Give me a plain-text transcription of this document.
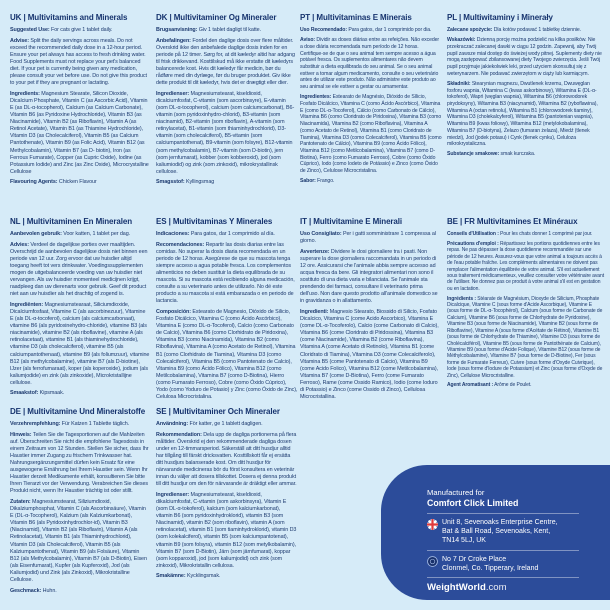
UK | Multivitamins and Minerals

Suggested Use: For cats give 1 tablet daily.

Advise: Split the daily servings across meals. Do not exceed the recommended daily dose in a 12-hour period. Ensure your pet always has access to fresh drinking water. Food Supplements must not replace your pet's balanced diet. If your pet is currently being given any medication, please consult your vet before use. Do not give this product to your pet if they are pregnant or lactating.

Ingredients: Magnesium Stearate, Silicon Dioxide, Dicalcium Phosphate, Vitamin C (as Ascorbic Acid), Vitamin E (as DL-α-tocopherol), Calcium (as Calcium Carbonate), Vitamin B6 (as Pyridoxine Hydrochloride), Vitamin B3 (as Niacinamide), Vitamin B2 (as Riboflavin), Vitamin A (as Retinol Acetate), Vitamin B1 (as Thiamine Hydrochloride), Vitamin D3 (as Cholecalciferol), Vitamin B5 (as Calcium Pantothenate), Vitamin B9 (as Folic Acid), Vitamin B12 (as Methylcobalamin), Vitamin B7 (as D- biotin), Iron (as Ferrous Fumarate), Copper (as Cupric Oxide), Iodine (as Potassium Iodide) and Zinc (as Zinc Oxide), Microcrystalline Cellulose

Flavouring Agents: Chicken Flavour

DK | Multivitaminer Og Mineraler

Brugsanvisning: Giv 1 tablet dagligt til katte.

Anbefalingen: Fordel den daglige dosis over flere måltider. Overskrid ikke den anbefalede daglige dosis inden for en periode på 12 timer. Sørg for, at dit kæledyr altid har adgang til frisk drikkevand. Kosttilskud må ikke erstatte dit kæledyrs balancerede kost. Hvis dit kæledyr får medicin, bør du rådføre med din dyrlæge, før du bruger produktet. Giv ikke dette produkt til dit kæledyr, hvis det er drægtigt eller dier.

Ingredienser: Magnesiumstearat, kiseldioxid, dicalciumfosfat, C-vitamin (som ascorbinsyre), E-vitamin (som DL-α-tocopherol), calcium (som calciumcarbonat), B6-vitamin (som pyridoxinhydro-chlorid), B3-vitamin (som niacinamid), B2-vitamin (som riboflavin), A-vitamin (som retinylacetat), B1-vitamin (som thiaminhydrochlorid), D3-vitamin (som cholecalciferol), B5-vitamin (som calciumpantothenat), B9-vitamin (som folsyre), B12-vitamin (som methylcobalamin), B7-vitamin (som D-biotin), jern (som jernfumarat), kobber (som kobberoxid), jod (som kaliumiodid) og zink (som zinkoxid), mikrokrystallinsk cellulose.

Smagsstof: Kyllingsmag

PT | Multivitaminas E Minerais

Uso Recomendado: Para gatos, dar 1 comprimido por dia.

Aviso: Dividir as doses diárias entre as refeições. Não exceder a dose diária recomendada num período de 12 horas. Certifique-se de que o seu animal tem sempre acesso a água potável fresca. Os suplementos alimentares não devem substituir a dieta equilibrada do seu animal. Se o seu animal estiver a tomar algum medicamento, consulte o seu veterinário antes de utilizar este produto. Não administre este produto ao seu animal se ele estiver a gestar ou amamentar.

Ingredientes: Estearato de Magnésio, Dióxido de Sílicio, Fosfato Dicálcico, Vitamina C (como Ácido Ascórbico), Vitamina E (como DL-α-Tocoferol), Cálcio (como Carbonato de Cálcio), Vitamina B6 (como Cloridrato de Piridoxina), Vitamina B3 (como Niacinamida), Vitamina B2 (como Riboflavina), Vitamina A (como Acetato de Retinol), Vitamina B1 (como Cloridrato de Tiamina), Vitamina D3 (como Colecalciferol), Vitamina B5 (como Pantotenato de Cálcio), Vitamina B9 (como Ácido Fólico), Vitamina B12 (como Metilcobalamina), Vitamina B7 (como D-Biotina), Ferro (como Fumarato Ferroso), Cobre (como Óxido Cúprico), Iodo (como Iodeto de Potássio) e Zinco (como Óxido de Zinco), Celulose Microcristalina.

Sabor: Frango.

PL | Multiwitaminy i Minerały

Zalecane spożycie: Dla kotów podawać 1 tabletkę dziennie.

Wskazówki: Dzienną porcję można podzielić na kilka posiłków. Nie przekraczać zalecanej dawki w ciągu 12 godzin. Zapewnij, aby Twój pupil zawsze miał dostęp do świeżej wody pitnej. Suplementy diety nie mogą zastępować zbilansowanej diety Twojego zwierzęcia. Jeśli Twój pupil przyjmuje jakiekolwiek leki, przed użyciem skonsultuj się z weterynarzem. Nie podawać zwierzętom w ciąży lub karmiącym.

Składniki: Stearynian magnezu, Dwutlenek krzemu, Dwuwęglan fosforu wapnia, Witamina C (kwas askorbinowy), Witamina E (DL-α-tokoferol), Wapń (węglan wapnia), Witamina B6 (chlorowodorek pirydoksyny), Witamina B3 (niacynamid), Witamina B2 (ryboflawina), Witamina A (octan retinolu), Witamina B1 (chlorowodorek tiaminy), Witamina D3 (cholekalcyferol), Witamina B5 (pantotenian wapnia), Witamina B9 (kwas foliowy), Witamina B12 (metylokobalamina), Witamina B7 (D-biotyna), Żelazo (fumaran żelaza), Miedź (tlenek miedzi), Jod (jodek potasu) i Cynk (tlenek cynku), Celuloza mikrokrystaliczna.

Substancje smakowe: smak kurczaka.

NL | Multivitaminen En Mineralen

Aanbevolen gebruik: Voor katten, 1 tablet per dag.

Advies: Verdeel de dagelijkse porties over maaltijden. Overschrijd de aanbevolen dagelijkse dosis niet binnen een periode van 12 uur. Zorg ervoor dat uw huisdier altijd toegang heeft tot vers drinkwater. Voedingssupplementen mogen de uitgebalanceerde voeding van uw huisdier niet vervangen. Als uw huisdier momenteel medicijnen krijgt, raadpleeg dan uw dierenarts voor gebruik. Geef dit product niet aan uw huisdier als het drachtig of zogend is.

Ingrediënten: Magnesiumstearaat, Siliciumdioxide, Dicalciumfosfaat, Vitamine C (als ascorbinezuur), Vitamine E (als DL-α-tocoferol), calcium (als calciumcarbonaat), vitamine B6 (als pyridoxinehydro-chloride), vitamine B3 (als niacinamide), vitamine B2 (als riboflavine), vitamine A (als retinolacetaat), vitamine B1 (als thiaminehydrochloride), vitamine D3 (als cholecalciferol), vitamine B5 (als calciumpantothenaat), vitamine B9 (als foliumzuur), vitamine B12 (als methylcobalamine), vitamine B7 (als D-biotine), IJzer (als ferrofumaraat), koper (als koperoxide), jodium (als kaliumjodide) en zink (als zinkoxide), Microkristallijne cellulose.

Smaakstof: Kipsmaak.

ES | Multivitaminas Y Minerales

Indicaciones: Para gatos, dar 1 comprimido al día.

Recomendaciones: Repartir las dosis diarias entre las comidas. No superar la dosis diaria recomendada en un periodo de 12 horas. Asegúrese de que su mascota tenga siempre acceso a agua potable fresca. Los complementos alimenticios no deben sustituir la dieta equilibrada de su mascota. Si su mascota está recibiendo alguna medicación, consulte a su veterinario antes de utilizarlo. No dé este producto a su mascota si está embarazada o en periodo de lactancia.

Composición: Estearato de Magnesio, Dióxido de Silicio, Fosfato Dicálcico, Vitamina C (como Ácido Ascórbico), Vitamina E (como DL-α-Tocoferol), Calcio (como Carbonato de Calcio), Vitamina B6 (como Clorhidrato de Piridoxina), Vitamina B3 (como Niacinamida), Vitamina B2 (como Riboflavina), Vitamina A (como Acetato de Retinol), Vitamina B1 (como Clorhidrato de Tiamina), Vitamina D3 (como Colecalciferol), Vitamina B5 (como Pantotenato de Calcio), Vitamina B9 (como Ácido Fólico), Vitamina B12 (como Metilcobalamina), Vitamina B7 (como D-Biotina), Hierro (como Fumarato Ferroso), Cobre (como Óxido Cúprico), Yodo (como Yoduro de Potasio) y Zinc (como Óxido de Zinc), Celulosa Microcristalina.

IT | Multivitamine E Minerali

Uso Consigliato: Per i gatti somministrare 1 compressa al giorno.

Avvertenze: Dividere le dosi giornaliere tra i pasti. Non superare la dose giornaliera raccomandata in un periodo di 12 ore. Assicurarsi che l'animale abbia sempre accesso ad acqua fresca da bere. Gli integratori alimentari non sono il sostituto di una dieta varia e bilanciata. Se l'animale sta prendendo dei farmaci, consultare il veterinario prima dell'uso. Non dare questo prodotto all'animale domestico se in gravidanza o in allattamento.

Ingredienti: Magnesio Stearato, Biossido di Silicio, Fosfato Dicalcico, Vitamina C (come Acido Ascorbico), Vitamina E (come DL-α-Tocoferolo), Calcio (come Carbonato di Calcio), Vitamina B6 (come Cloridrato di Piridossina), Vitamina B3 (come Niacinamide), Vitamina B2 (come Riboflavina), Vitamina A (come Acetato di Retinolo), Vitamina B1 (come Cloridrato di Tiamina), Vitamina D3 (come Colecalciferolo), Vitamina B5 (come Pantotenato di Calcio), Vitamina B9 (come Acido Folico), Vitamina B12 (come Metilcobalamina), Vitamina B7 (come D-Biotina), Ferro (come Fumarato Ferroso), Rame (come Ossido Ramico), Iodio (come Ioduro di Potassio) e Zinco (come Ossido di Zinco), Cellulosa Microcristallina.

BE | FR Multivitamines Et Minéraux

Conseils d'Utilisation : Pour les chats donner 1 comprimé par jour.

Précautions d'emploi : Répartissez les portions quotidiennes entre les repas. Ne pas dépasser la dose quotidienne recommandée sur une période de 12 heures. Assurez-vous que votre animal a toujours accès à de l'eau potable fraîche. Les compléments alimentaires ne doivent pas remplacer l'alimentation équilibrée de votre animal. S'il est actuellement sous traitement médicamenteux, veuillez consulter votre vétérinaire avant de l'utiliser. Ne donnez pas ce produit à votre animal s'il est en gestation ou en lactation.

Ingrédients : Stéarate de Magnésium, Dioxyde de Silicium, Phosphate Dicalcique, Vitamine C (sous forme d'Acide Ascorbique), Vitamine E (sous forme de DL-α-Tocophérol), Calcium (sous forme de Carbonate de Calcium), Vitamine B6 (sous forme de Chlorhydrate de Pyridoxine), Vitamine B3 (sous forme de Niacinamide), Vitamine B2 (sous forme de Riboflavine), Vitamine A (sous forme d'Acétate de Rétinol), Vitamine B1 (sous forme de Chlorhydrate de Thiamine), Vitamine D3 (sous forme de Cholécalciférol), Vitamine B5 (sous forme de Pantothénate de Calcium), Vitamine B9 (sous forme d'Acide Folique), Vitamine B12 (sous forme de Méthylcobalamine), Vitamine B7 (sous forme de D-Biotine), Fer (sous forme de Fumarate Ferreux), Cuivre (sous forme d'Oxyde Cuivrique), Iode (sous forme d'Iodure de Potassium) et Zinc (sous forme d'Oxyde de Zinc), Cellulose Microcristalline.

Agent Aromatisant : Arôme de Poulet.

DE | Multivitamine Und Mineralstoffe

Verzehrempfehlung: Für Katzen 1 Tablette täglich.

Hinweis: Teilen Sie die Tagesportionen auf die Mahlzeiten auf. Überschreiten Sie nicht die empfohlene Tagesdosis in einem Zeitraum von 12 Stunden. Stellen Sie sicher, dass Ihr Haustier immer Zugang zu frischem Trinkwasser hat. Nahrungsergänzungsmittel dürfen kein Ersatz für eine ausgewogene Ernährung bei Ihrem Haustier sein. Wenn Ihr Haustier derzeit Medikamente erhält, konsultieren Sie bitte Ihren Tierarzt vor der Verwendung. Verabreichen Sie dieses Produkt nicht, wenn Ihr Haustier trächtig ist oder stillt.

Zutaten: Magnesiumstearat, Siliziumdioxid, Dikalziumphosphat, Vitamin C (als Ascorbinsäure), Vitamin E (DL-α-Tocopherol), Kalzium (als Kalziumkarbonat), Vitamin B6 (als Pyridoxinhydrochlor-id), Vitamin B3 (Niacinamid), Vitamin B2 (als Riboflavin), Vitamin A (als Retinolacetat), Vitamin B1 (als Thiaminhydrochlorid), Vitamin D3 (als Cholecalciferol), Vitamin B5 (als Kalziumpantothenat), Vitamin B9 (als Folsäure), Vitamin B12 (als Methylcobalamin), Vitamin B7 (als D-Biotin), Eisen (als Eisenfumarat), Kupfer (als Kupferoxid), Jod (als Kaliumjodid) und Zink (als Zinkoxid), Mikrokristalline Cellulose.

Geschmack: Huhn.

SE | Multivitaminer Och Mineraler

Användning: För katter, ge 1 tablett dagligen.

Rekommendation: Dela upp de dagliga portionerna på flera måltider. Överskrid ej den rekommenderade dagliga dosen under en 12-timmarsperiod. Säkerställ att ditt husdjur alltid har tillgång till färskt dricksvatten. Kosttillskott får ej ersätta ditt husdjurs balanserade kost. Om ditt husdjur för närvarande medicineras bör du först konsultera en veterinär innan du väljer att dosera tillskottet. Dosera ej denna produkt till ditt husdjur om den för närvarande är dräktigt eller ammar.

Ingredienser: Magnesiumstearat, kiseldioxid, dikalciumfosfat, C-vitamin (som askorbinsyra), Vitamin E (som DL-α-tokoferol), kalcium (som kalciumkarbonat), vitamin B6 (som pyridoxinhydroklorid), vitamin B3 (som Niacinamid), vitamin B2 (som riboflavin), vitamin A (som retinolacetat), vitamin B1 (som tiaminhydroklorid), vitamin D3 (som kolekalciferol), vitamin B5 (som kalciumpantotenat), vitamin B9 (som folsyra), vitamin B12 (som metylkobalamin), Vitamin B7 (som D-Biotin), Järn (som järnfumarat), koppar (som kopparoxid), jod (som kaliumjodid) och zink (som zinkoxid), Mikrokristallin cellulosa.

Smakämne: Kycklingsmak.

Manufactured for
Comfort Click Limited
Unit 8, Sevenoaks Enterprise Centre,
Bat & Ball Road, Sevenoaks, Kent,
TN14 5LJ, UK
No 7 Dr Croke Place
Clonmel, Co. Tipperary, Ireland
WeightWorld.com
